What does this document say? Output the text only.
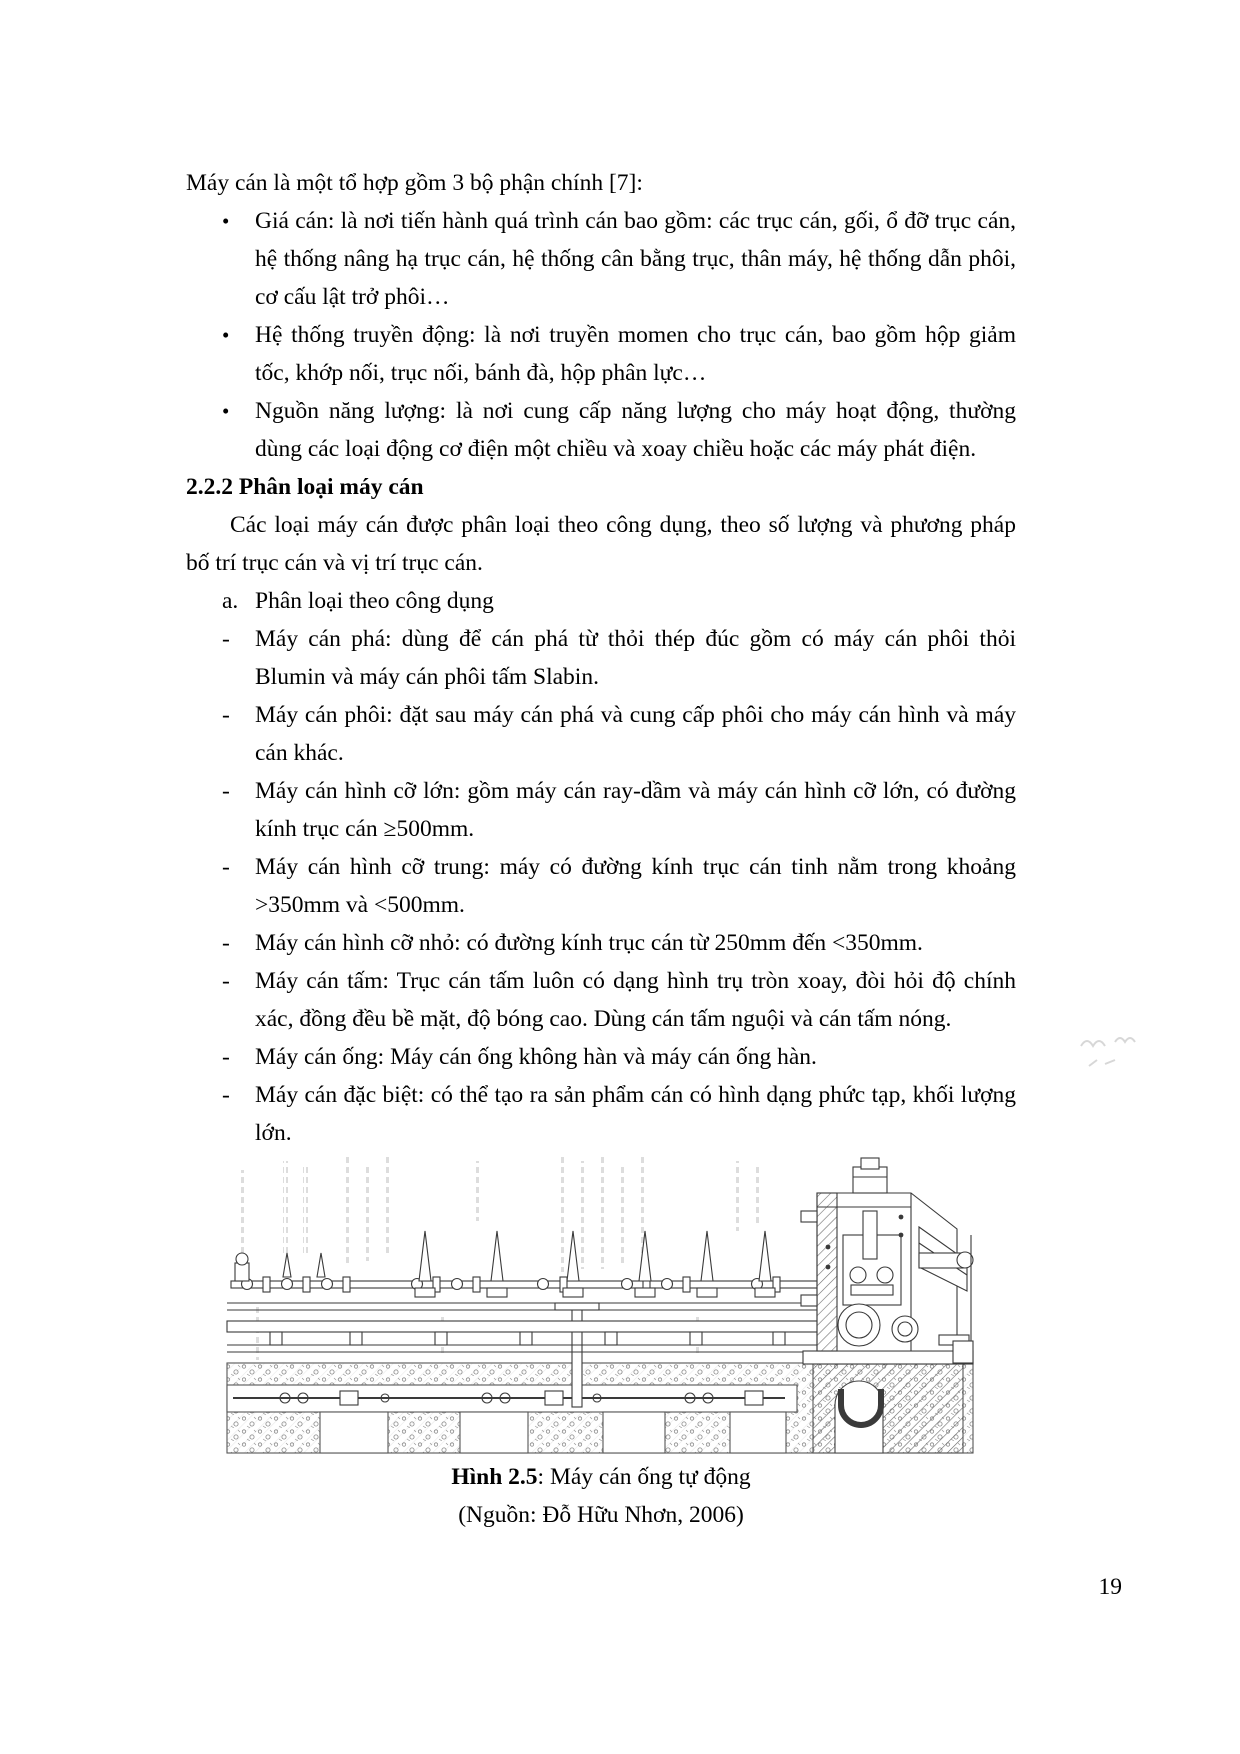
Máy cán là một tổ hợp gồm 3 bộ phận chính [7]:

•	Giá cán: là nơi tiến hành quá trình cán bao gồm: các trục cán, gối, ổ đỡ trục cán, hệ thống nâng hạ trục cán, hệ thống cân bằng trục, thân máy, hệ thống dẫn phôi, cơ cấu lật trở phôi…

•	Hệ thống truyền động: là nơi truyền momen cho trục cán, bao gồm hộp giảm tốc, khớp nối, trục nối, bánh đà, hộp phân lực…

•	Nguồn năng lượng: là nơi cung cấp năng lượng cho máy hoạt động, thường dùng các loại động cơ điện một chiều và xoay chiều hoặc các máy phát điện.

2.2.2 Phân loại máy cán

Các loại máy cán được phân loại theo công dụng, theo số lượng và phương pháp bố trí trục cán và vị trí trục cán.

a. Phân loại theo công dụng

-	Máy cán phá: dùng để cán phá từ thỏi thép đúc gồm có máy cán phôi thỏi Blumin và máy cán phôi tấm Slabin.

-	Máy cán phôi: đặt sau máy cán phá và cung cấp phôi cho máy cán hình và máy cán khác.

-	Máy cán hình cỡ lớn: gồm máy cán ray-dầm và máy cán hình cỡ lớn, có đường kính trục cán ≥500mm.

-	Máy cán hình cỡ trung: máy có đường kính trục cán tinh nằm trong khoảng >350mm và <500mm.

-	Máy cán hình cỡ nhỏ: có đường kính trục cán từ 250mm đến <350mm.

-	Máy cán tấm: Trục cán tấm luôn có dạng hình trụ tròn xoay, đòi hỏi độ chính xác, đồng đều bề mặt, độ bóng cao. Dùng cán tấm nguội và cán tấm nóng.

-	Máy cán ống: Máy cán ống không hàn và máy cán ống hàn.

-	Máy cán đặc biệt: có thể tạo ra sản phẩm cán có hình dạng phức tạp, khối lượng lớn.

Hình 2.5: Máy cán ống tự động
(Nguồn: Đỗ Hữu Nhơn, 2006)
19
